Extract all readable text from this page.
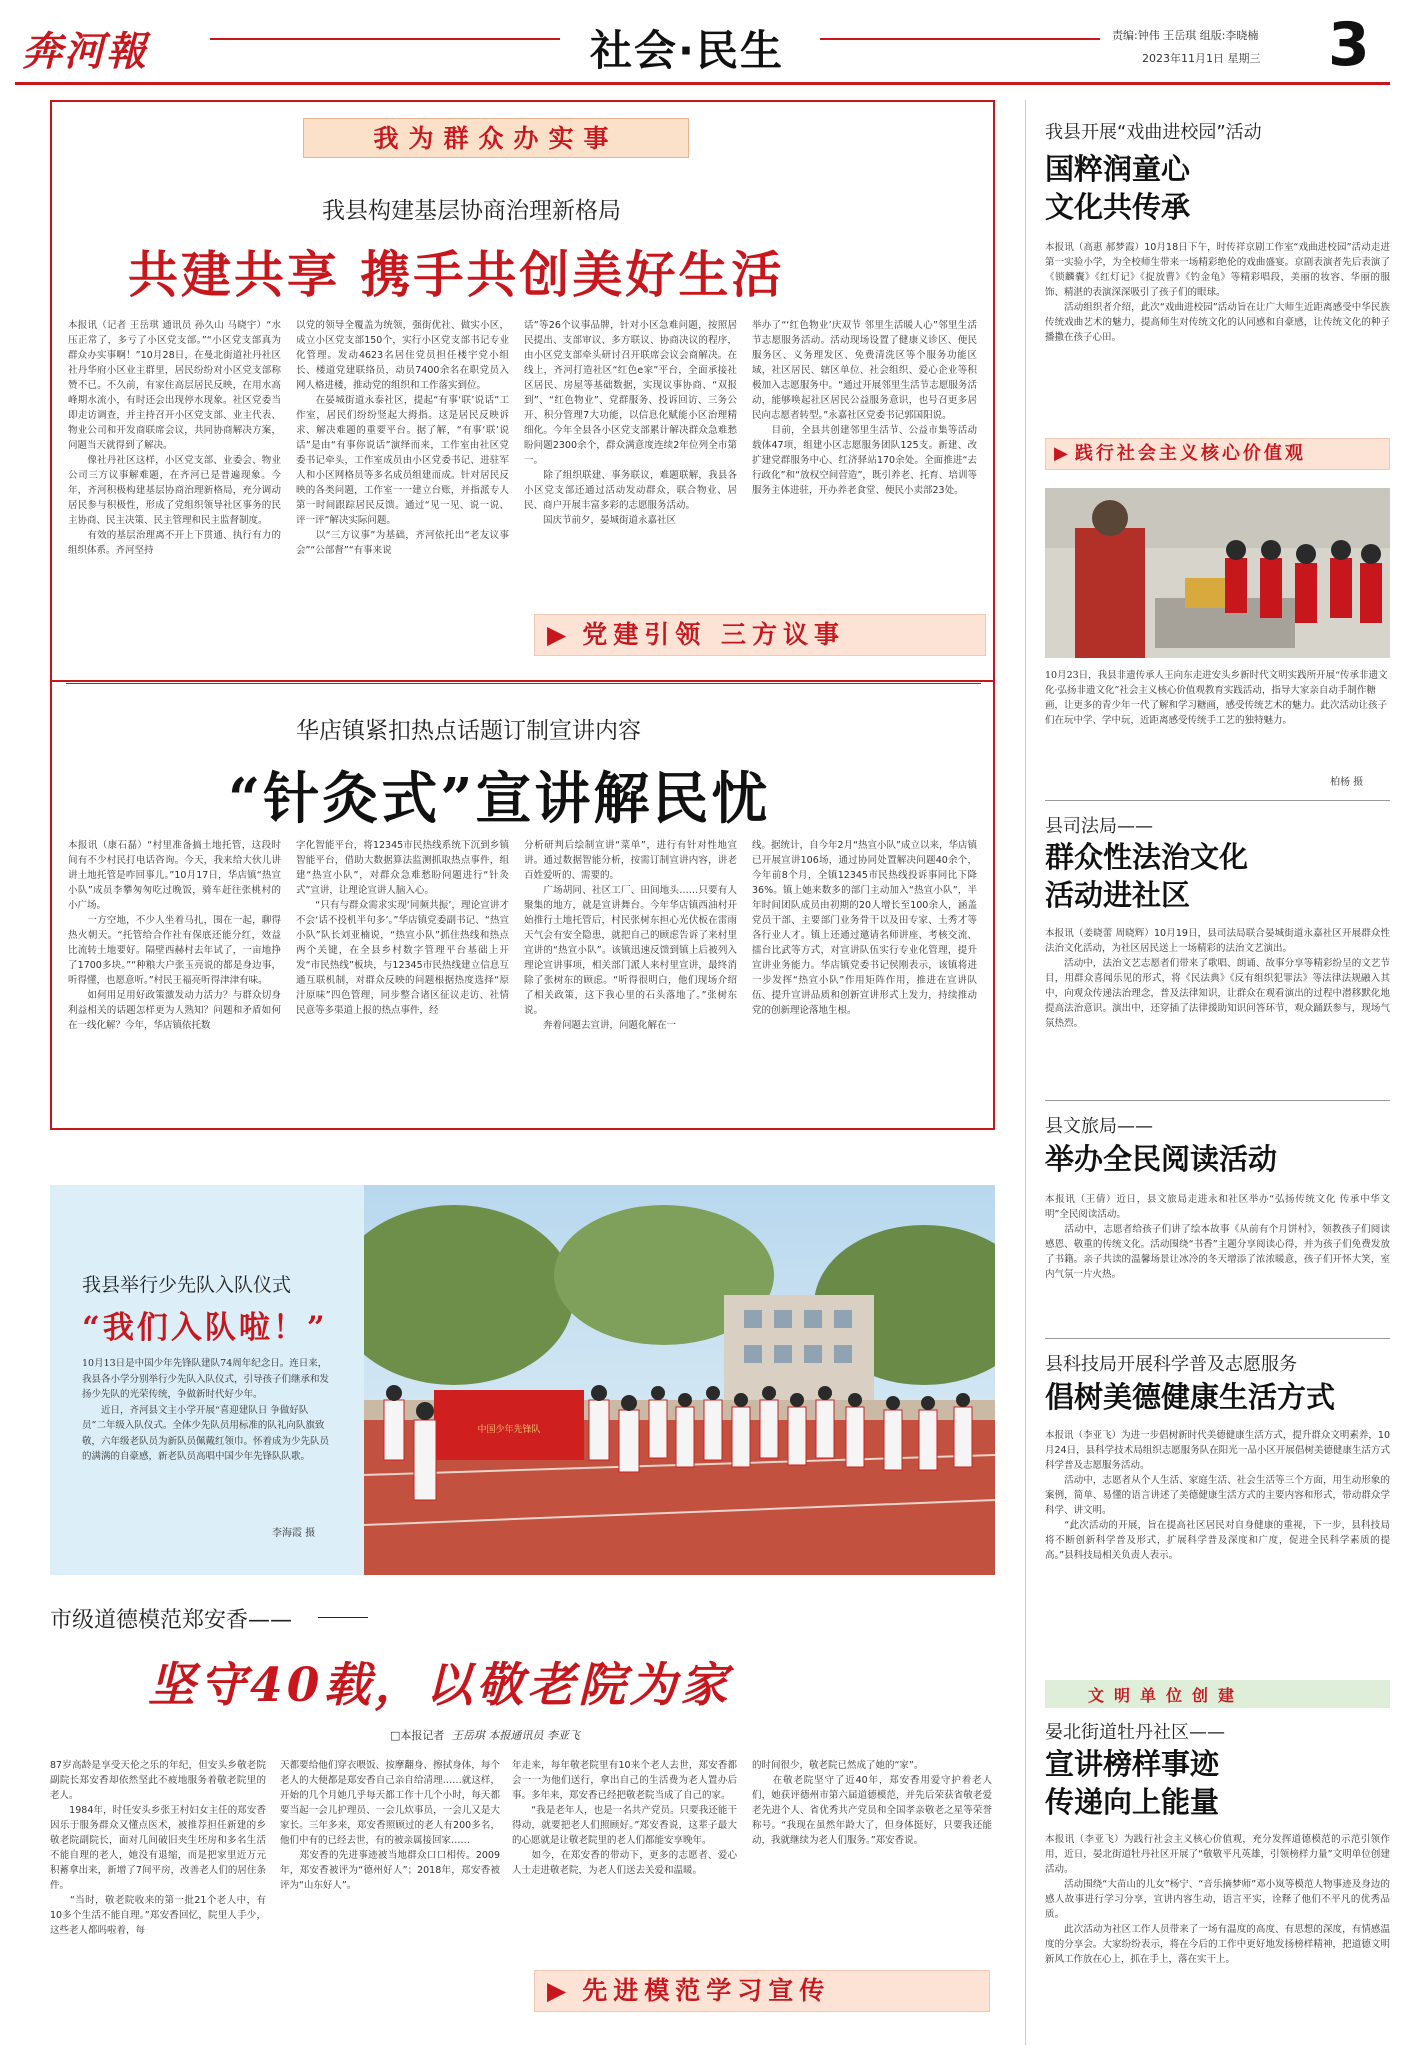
奔河報	社会·民生	责编:钟伟 王岳琪 组版:李晓楠
2023年11月1日 星期三 3
我为群众办实事
我县构建基层协商治理新格局
共建共享 携手共创美好生活
本报讯（记者 王岳琪 通讯员 孙久山 马晓宇）“水压正常了，多亏了小区党支部。”“小区党支部真为群众办实事啊！”10月28日，在曼北街道社丹社区社丹华府小区业主群里，居民纷纷对小区党支部称赞不已。不久前，有家住高层居民反映，在用水高峰期水流小，有时还会出现停水现象。社区党委当即走访调查，并主持召开小区党支部、业主代表、物业公司和开发商联席会议，共同协商解决方案，问题当天就得到了解决。
　　像社丹社区这样，小区党支部、业委会、物业公司三方议事解难题，在齐河已是普遍现象。今年，齐河积极构建基层协商治理新格局，充分调动居民参与积极性，形成了党组织领导社区事务的民主协商、民主决策、民主管理和民主监督制度。
　　有效的基层治理离不开上下贯通、执行有力的组织体系。齐河坚持
以党的领导全覆盖为统领，强街优社、做实小区，成立小区党支部150个，实行小区党支部书记专业化管理。发动4623名居住党员担任楼宇党小组长、楼道党建联络员，动员7400余名在职党员入网人格进楼，推动党的组织和工作落实到位。
　　在晏城街道永泰社区，提起“有事‘联’说话”工作室，居民们纷纷竖起大拇指。这是居民反映诉求、解决难题的重要平台。据了解，“有事‘联’说话”是由“有事你说话”演绎而来，工作室由社区党委书记牵头，工作室成员由小区党委书记、进驻军人和小区网格员等多名成员组建而成。针对居民反映的各类问题，工作室一一建立台账，并指派专人第一时间跟踪居民反馈。通过“见一见、说一说、评一评”解决实际问题。
　　以“三方议事”为基础，齐河依托出“老友议事会”“公部督”“有事来说
话”等26个议事品牌，针对小区急难问题，按照居民提出、支部审议、多方联议、协商决议的程序，由小区党支部牵头研讨召开联席会议会商解决。在线上，齐河打造社区“红色e家”平台，全面承接社区居民、房屋等基础数据，实现议事协商、“双报到”、“红色物业”、党群服务、投诉回访、三务公开、积分管理7大功能，以信息化赋能小区治理精细化。今年全县各小区党支部累计解决群众急难愁盼问题2300余个，群众满意度连续2年位列全市第一。
　　除了组织联建、事务联议，难题联解，我县各小区党支部还通过活动发动群众，联合物业、居民、商户开展丰富多彩的志愿服务活动。
　　国庆节前夕，晏城街道永嘉社区
举办了“‘红色物业’庆双节 邻里生活暖人心”邻里生活节志愿服务活动。活动现场设置了健康义诊区、便民服务区、义务理发区、免费清洗区等个服务功能区域，社区居民、辖区单位、社会组织、爱心企业等积极加入志愿服务中。“通过开展邻里生活节志愿服务活动，能够唤起社区居民公益服务意识，也号召更多居民向志愿者转型。”永嘉社区党委书记郭国阳说。
　　目前，全县共创建邻里生活节、公益市集等活动载体47项，组建小区志愿服务团队125支。新建、改扩建党群服务中心、红济驿站170余处。全面推进“去行政化”和“放权空间营造”，既引养老、托育、培训等服务主体进驻，开办养老食堂、便民小卖部23处。
▶ 党建引领 三方议事
华店镇紧扣热点话题订制宣讲内容
“针灸式”宣讲解民忧
本报讯（康石磊）“村里准备搞土地托管，这段时间有不少村民打电话咨询。今天，我来给大伙儿讲讲土地托管是咋回事儿。”10月17日，华店镇“热宣小队”成员李攀匆匆吃过晚饭，骑车赶往张桃村的小广场。
　　一方空地，不少人坐着马扎，围在一起，聊得热火朝天。“托管给合作社有保底还能分红，效益比流转土地要好。隔壁西赫村去年试了，一亩地挣了1700多块。”“种粮大户张玉亮说的都是身边事，听得懂，也愿意听。”村民王福亮听得津津有味。
　　如何用足用好政策激发动力活力？与群众切身利益相关的话题怎样更为人熟知？问题和矛盾如何在一线化解？今年，华店镇依托数
字化智能平台，将12345市民热线系统下沉到乡镇智能平台，借助大数据算法监测抓取热点事件，组建“热宣小队”，对群众急难愁盼问题进行“针灸式”宣讲，让理论宣讲人脑入心。
　　“只有与群众需求实现‘同频共振’，理论宣讲才不会‘话不投机半句多’。”华店镇党委副书记、“热宣小队”队长刘亚楠说，“热宣小队”抓住热线和热点两个关键，在全县乡村数字管理平台基础上开发“市民热线”板块，与12345市民热线建立信息互通互联机制，对群众反映的问题根据热度选择“原汁原味”四色管理，同步整合诸区征议走访、社情民意等多渠道上报的热点事件，经
分析研判后绘制宣讲“菜单”，进行有针对性地宣讲。通过数据智能分析，按需订制宣讲内容，讲老百姓爱听的、需要的。
　　广场胡同、社区工厂、田间地头……只要有人聚集的地方，就是宣讲舞台。今年华店镇西油村开始推行土地托管后，村民张树东担心光伏板在雷雨天气会有安全隐患，就把自己的顾虑告诉了来村里宣讲的“热宣小队”。该镇迅速反馈到镇上后被列入理论宣讲事项，相关部门派人来村里宣讲，最终消除了张树东的顾虑。“听得很明白，他们现场介绍了相关政策，这下我心里的石头落地了。”张树东说。
　　奔着问题去宣讲，问题化解在一
线。据统计，自今年2月“热宣小队”成立以来，华店镇已开展宣讲106场，通过协同处置解决问题40余个，今年前8个月，全镇12345市民热线投诉事同比下降36%。镇上她来数多的部门主动加入“热宣小队”，半年时间团队成员由初期的20人增长至100余人，涵盖党员干部、主要部门业务骨干以及田专家、土秀才等各行业人才。镇上还通过邀请名师讲座、考核交流、擂台比武等方式，对宣讲队伍实行专业化管理，提升宣讲业务能力。华店镇党委书记侯刚表示，该镇将进一步发挥“热宣小队”作用矩阵作用，推进在宣讲队伍、提升宣讲品质和创新宣讲形式上发力，持续推动党的创新理论落地生根。
我县举行少先队入队仪式
“我们入队啦！”
10月13日是中国少年先锋队建队74周年纪念日。连日来，我县各小学分别举行少先队入队仪式，引导孩子们继承和发扬少先队的光荣传统，争做新时代好少年。
　　近日，齐河县文主小学开展“喜迎建队日 争做好队员”二年级入队仪式。全体少先队员用标准的队礼向队旗致敬，六年级老队员为新队员佩戴红领巾。怀着成为少先队员的满满的自豪感，新老队员高唱中国少年先锋队队歌。
李海霞 摄
中国少年先锋队
市级道德模范郑安香——
坚守40载，以敬老院为家
□本报记者 王岳琪 本报通讯员 李亚飞
87岁高龄是享受天伦之乐的年纪，但安头乡敬老院副院长郑安香却依然坚此不疲地服务着敬老院里的老人。
　　1984年，时任安头乡张王村妇女主任的郑安香因乐于服务群众又懂点医术，被推荐担任新建的乡敬老院副院长，面对几间破旧夹生坯房和多名生活不能自理的老人，她没有退缩，而是把家里近万元积蓄拿出来，新增了7间平房，改善老人们的居住条件。
　　“当时，敬老院收来的第一批21个老人中，有10多个生活不能自理。”郑安香回忆，院里人手少，这些老人都吗啦着，每
天都要给他们穿衣喂饭、按摩翻身、擦拭身体，每个老人的大便都是郑安香自己亲自给清理……就这样，开始的几个月她几乎每天都工作十几个小时，每天都要当起一会儿护理员、一会儿炊事员，一会儿又是大家长。三年多来，郑安香照顾过的老人有200多名，他们中有的已经去世，有的被亲属接回家……
　　郑安香的先进事迹被当地群众口口相传。2009年，郑安香被评为“德州好人”；2018年，郑安香被评为“山东好人”。
年走来，每年敬老院里有10来个老人去世，郑安香都会一一为他们送行，拿出自己的生活费为老人置办后事。多年来，郑安香已经把敬老院当成了自己的家。
　　“我是老年人，也是一名共产党员。只要我还能干得动，就要把老人们照顾好。”郑安香说，这辈子最大的心愿就是让敬老院里的老人们都能安享晚年。
　　如今，在郑安香的带动下，更多的志愿者、爱心人士走进敬老院，为老人们送去关爱和温暖。
的时间很少，敬老院已然成了她的“家”。
　　在敬老院坚守了近40年，郑安香用爱守护着老人们，她获评德州市第六届道德模范，并先后荣获省敬老爱老先进个人、省优秀共产党员和全国孝亲敬老之星等荣誉称号。“我现在虽然年龄大了，但身体挺好，只要我还能动，我就继续为老人们服务。”郑安香说。
▶ 先进模范学习宣传
我县开展“戏曲进校园”活动
国粹润童心
文化共传承
本报讯（高惠 郝梦霞）10月18日下午，时传祥京剧工作室“戏曲进校园”活动走进第一实验小学，为全校师生带来一场精彩绝伦的戏曲盛宴。京剧表演者先后表演了《锁麟囊》《红灯记》《捉放曹》《钓金龟》等精彩唱段，美丽的妆容、华丽的服饰、精湛的表演深深吸引了孩子们的眼球。
　　活动组织者介绍，此次“戏曲进校园”活动旨在让广大师生近距离感受中华民族传统戏曲艺术的魅力，提高师生对传统文化的认同感和自豪感，让传统文化的种子播撒在孩子心田。
▶ 践行社会主义核心价值观
10月23日，我县非遗传承人王向东走进安头乡新时代文明实践所开展“传承非遗文化·弘扬非遗文化”社会主义核心价值观教育实践活动，指导大家亲自动手制作糖画，让更多的青少年一代了解和学习糖画，感受传统艺术的魅力。此次活动让孩子们在玩中学、学中玩，近距离感受传统手工艺的独特魅力。
柏杨 摄
县司法局——
群众性法治文化
活动进社区
本报讯（姜晓蕾 周晓辉）10月19日，县司法局联合晏城街道永嘉社区开展群众性法治文化活动，为社区居民送上一场精彩的法治文艺演出。
　　活动中，法治文艺志愿者们带来了歌唱、朗诵、故事分享等精彩纷呈的文艺节目，用群众喜闻乐见的形式，将《民法典》《反有组织犯罪法》等法律法规融入其中，向观众传递法治理念，普及法律知识，让群众在观看演出的过程中潜移默化地提高法治意识。演出中，还穿插了法律援助知识问答环节，观众踊跃参与，现场气氛热烈。
县文旅局——
举办全民阅读活动
本报讯（王倩）近日，县文旅局走进永和社区举办“弘扬传统文化 传承中华文明”全民阅读活动。
　　活动中，志愿者给孩子们讲了绘本故事《从前有个月饼村》，领教孩子们阅读感恩、敬重的传统文化。活动围绕“书香”主题分享阅读心得，并为孩子们免费发放了书籍。亲子共读的温馨场景让冰冷的冬天增添了浓浓暖意，孩子们开怀大笑，室内气氛一片火热。
县科技局开展科学普及志愿服务
倡树美德健康生活方式
本报讯（李亚飞）为进一步倡树新时代美德健康生活方式，提升群众文明素养，10月24日，县科学技术局组织志愿服务队在阳光一品小区开展倡树美德健康生活方式科学普及志愿服务活动。
　　活动中，志愿者从个人生活、家庭生活、社会生活等三个方面，用生动形象的案例，简单、易懂的语言讲述了美德健康生活方式的主要内容和形式，带动群众学科学、讲文明。
　　“此次活动的开展，旨在提高社区居民对自身健康的重视，下一步，县科技局将不断创新科学普及形式，扩展科学普及深度和广度，促进全民科学素质的提高。”县科技局相关负责人表示。
文明单位创建
晏北街道牡丹社区——
宣讲榜样事迹
传递向上能量
本报讯（李亚飞）为践行社会主义核心价值观，充分发挥道德模范的示范引领作用，近日，晏北街道牡丹社区开展了“敬敬平凡英雄，引领榜样力量”文明单位创建活动。
　　活动围绕“大苗山的儿女”杨宁、“音乐摘梦师”邓小岚等模范人物事迹及身边的感人故事进行学习分享，宣讲内容生动，语言平实，诠释了他们不平凡的优秀品质。
　　此次活动为社区工作人员带来了一场有温度的高度、有思想的深度，有情感温度的分享会。大家纷纷表示，将在今后的工作中更好地发扬榜样精神，把道德文明新风工作放在心上，抓在手上，落在实干上。
